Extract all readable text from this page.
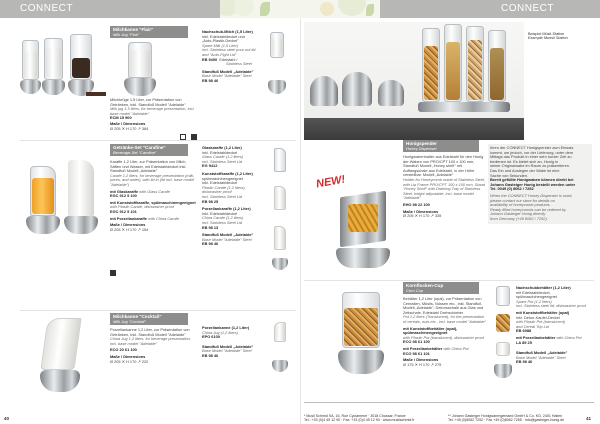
CONNECT	CONNECT
Milchkanne "Flair"
Milk Jug "Flair"
Milchkrüge 1,5 Liter, zur Präsentation von Getränken, inkl. Standfuß Modell "Adelaide"
Milk jug 1.5 liters, for beverage presentation, incl. base model "Adelaide"
ECM 15 900
Maße / Dimensions
Ø 205 ✕ H 170 ↗ 384

Nachschub-Milch (1,5 Liter)
inkl. Edelstahldeckel und
„Auto-Plastik-Deckel"
Spare Milk (1,5 Liter)
incl. Stainless steel pour out lid
and "Auto-Fight Lid"
EB 9400 Edelstahl /
Stainless Steel
Standfuß Modell „Adelaide"
Base Model "Adelaide" Steel
EB 98 46
Getränke-Set "Carafine"
Beverage-Set "Carafine"
Karaffe 1,2 Liter, zur Präsentation von Milch, Säften und Wasser, mit Edelstahldeckel inkl. Standfuß Modell „Adelaide"
Carafe 1,2 liters, for beverage presentation (milk, juices, and water), with lid in (lid incl. base model "Adelaide")
mit Glaskaraffe with Glass Carafe
EGC 912 5 100
mit Kunststoffkaraffe, spülmaschinengeeignet
with Plastic Carafe, dishwasher proof
EGC 912 5 101
mit Porzellankaraffe with China Carafe
Maße / Dimensions
Ø 205 ✕ H 170 ↗ 154
Glaskaraffe (1,2 Liter)
inkl. Edelstahldeckel
Glass Carafe (1,2 liters)
incl. Stainless Steel Lid
EG 9412
Kunststoffkaraffe (1,2 Liter)
spülmaschinengeeignet
inkl. Edelstahldeckel
Plastic Carafe (1,2 liters),
dishwasher proof
incl. Stainless Steel Lid
EB 98 25
Porzellankaraffe (1,2 Liter)
inkl. Edelstahldeckel
China Carafe (1,2 liters)
incl. Stainless Steel Lid
EB 98 13
Standfuß Modell „Adelaide"
Base Model "Adelaide" Steel
EB 98 46
Milchkanne "Cocktail"
Milk Jug "Cocktail"
Porzellankanne 1,2 Liter, zur Präsentation von Getränken, inkl. Standfuß Modell "Adelaide"
China Jug 1,2 liters, for beverage presentation, incl. base model "Adelaide"
ECO 20 61 100
Maße / Dimensions
Ø 205 ✕ H 170 ↗ 220
Porzellankanne (1,2 Liter)
China Jug (1,2 liters)
EPO 6100
Standfuß Modell „Adelaide"
Base Model "Adelaide" Steel
EB 98 46
40
Beispiel Müsli-Station
Example Muesli Station
NEW!
Honigspender
Honey Dispenser
Honigwabenhalter aus Edelstahl für den Honig der Waben von PRO/CPT 100 x 100 mm, Standfuß Modell „Honey shelf" mit Auffangschale aus Edelstahl, in der Höhe verstellbar, Modell „Adelaide"
Holder for Honeycomb made of Stainless Steel, with Lip Frame PRO/CPT 100 x 100 mm, Stand "Honey Shelf" with Draining Tray of Stainless Steel, height adjustable, incl. base model "Adelaide"
EHO 98 22 100
Maße / Dimensions
Ø 205 ✕ H 170 ↗ 335
Ihren der CONNECT Honigspender zum Einsatz
kommt, um jedoch, vor der Lieferung, unter dem
Mittags das Produkt in einer sehr kurzer Zeit zu
bedienen ist. Es bietet sich an, Honig in
seiner Originalwabe im Raum zu präsentieren.
Das Ein und Auslegen der Wabe ist eine
Sache von Sekunden.
Bereit gefüllte Honigwaben können direkt bei
Johann Gasteiger Honig bestellt werden unter
Tel. 0049 (0) 8062 / 7252
When the CONNECT Honey Dispenser is used,
please contact our store for details on
availability of honeycomb products.
Ready filled honeycombs can be ordered by
Johann Gasteiger Honig directly
from Germany (+49 8062 / 7252).
Kornflocken-Cup
Corn Cup
Behälter 1,2 Liter (opal), zur Präsentation von Cerealien, Müslis, Nüssen etc., inkl. Standfuß Modell „Adelaide", Dekorsschale aus Glas und Zeitschale, Edelstahl Drehschieber
Pot 1,2 liters (Translucent), for the presentation of cereals, nuts etc., incl. base model "Adelaide"
mit Kunststoffbehälter (opal), spülmaschinengeeignet
with Plastic Pot (translucent), dishwasher proof
ECO 98 61 100
mit Porzellanbehälter with China Pot
ECO 98 61 101
Maße / Dimensions
Ø 175 ✕ H 170 ↗ 275
Nachschubbehälter (1,2 Liter)
mit Edelstahldeckel,
spülmaschinengeeignet
Spare Pot (1,2 liters)
incl. Stainless steel lid, dishwasher proof
mit Kunststoffbehälter (opal)
inkl. Dekor-Kaufel-Deckel
with Plastic Pot (translucent)
and Cereal Trip Lid
EB 6988
mit Porzellanbehälter with China Pot
LA 89 25
Standfuß Modell „Adelaide"
Base Model "Adelaide" Steel
EB 98 46
* Musil Schmid SA, 16, Rue Cyclamene · 3018 Chossar, France
Tel.: +33 (0)4 45 12 90 · Fax: +33 (0)4 45 12 90 · www.musilschmid.fr
** Johann Gasteiger Honigwarengemaed GmbH & Co. KG, 2401 Hallen
Tel. +49 (0)8062 7252 · Fax +49 (0)8062 7255 · info@gasteiger-honig.de	41
